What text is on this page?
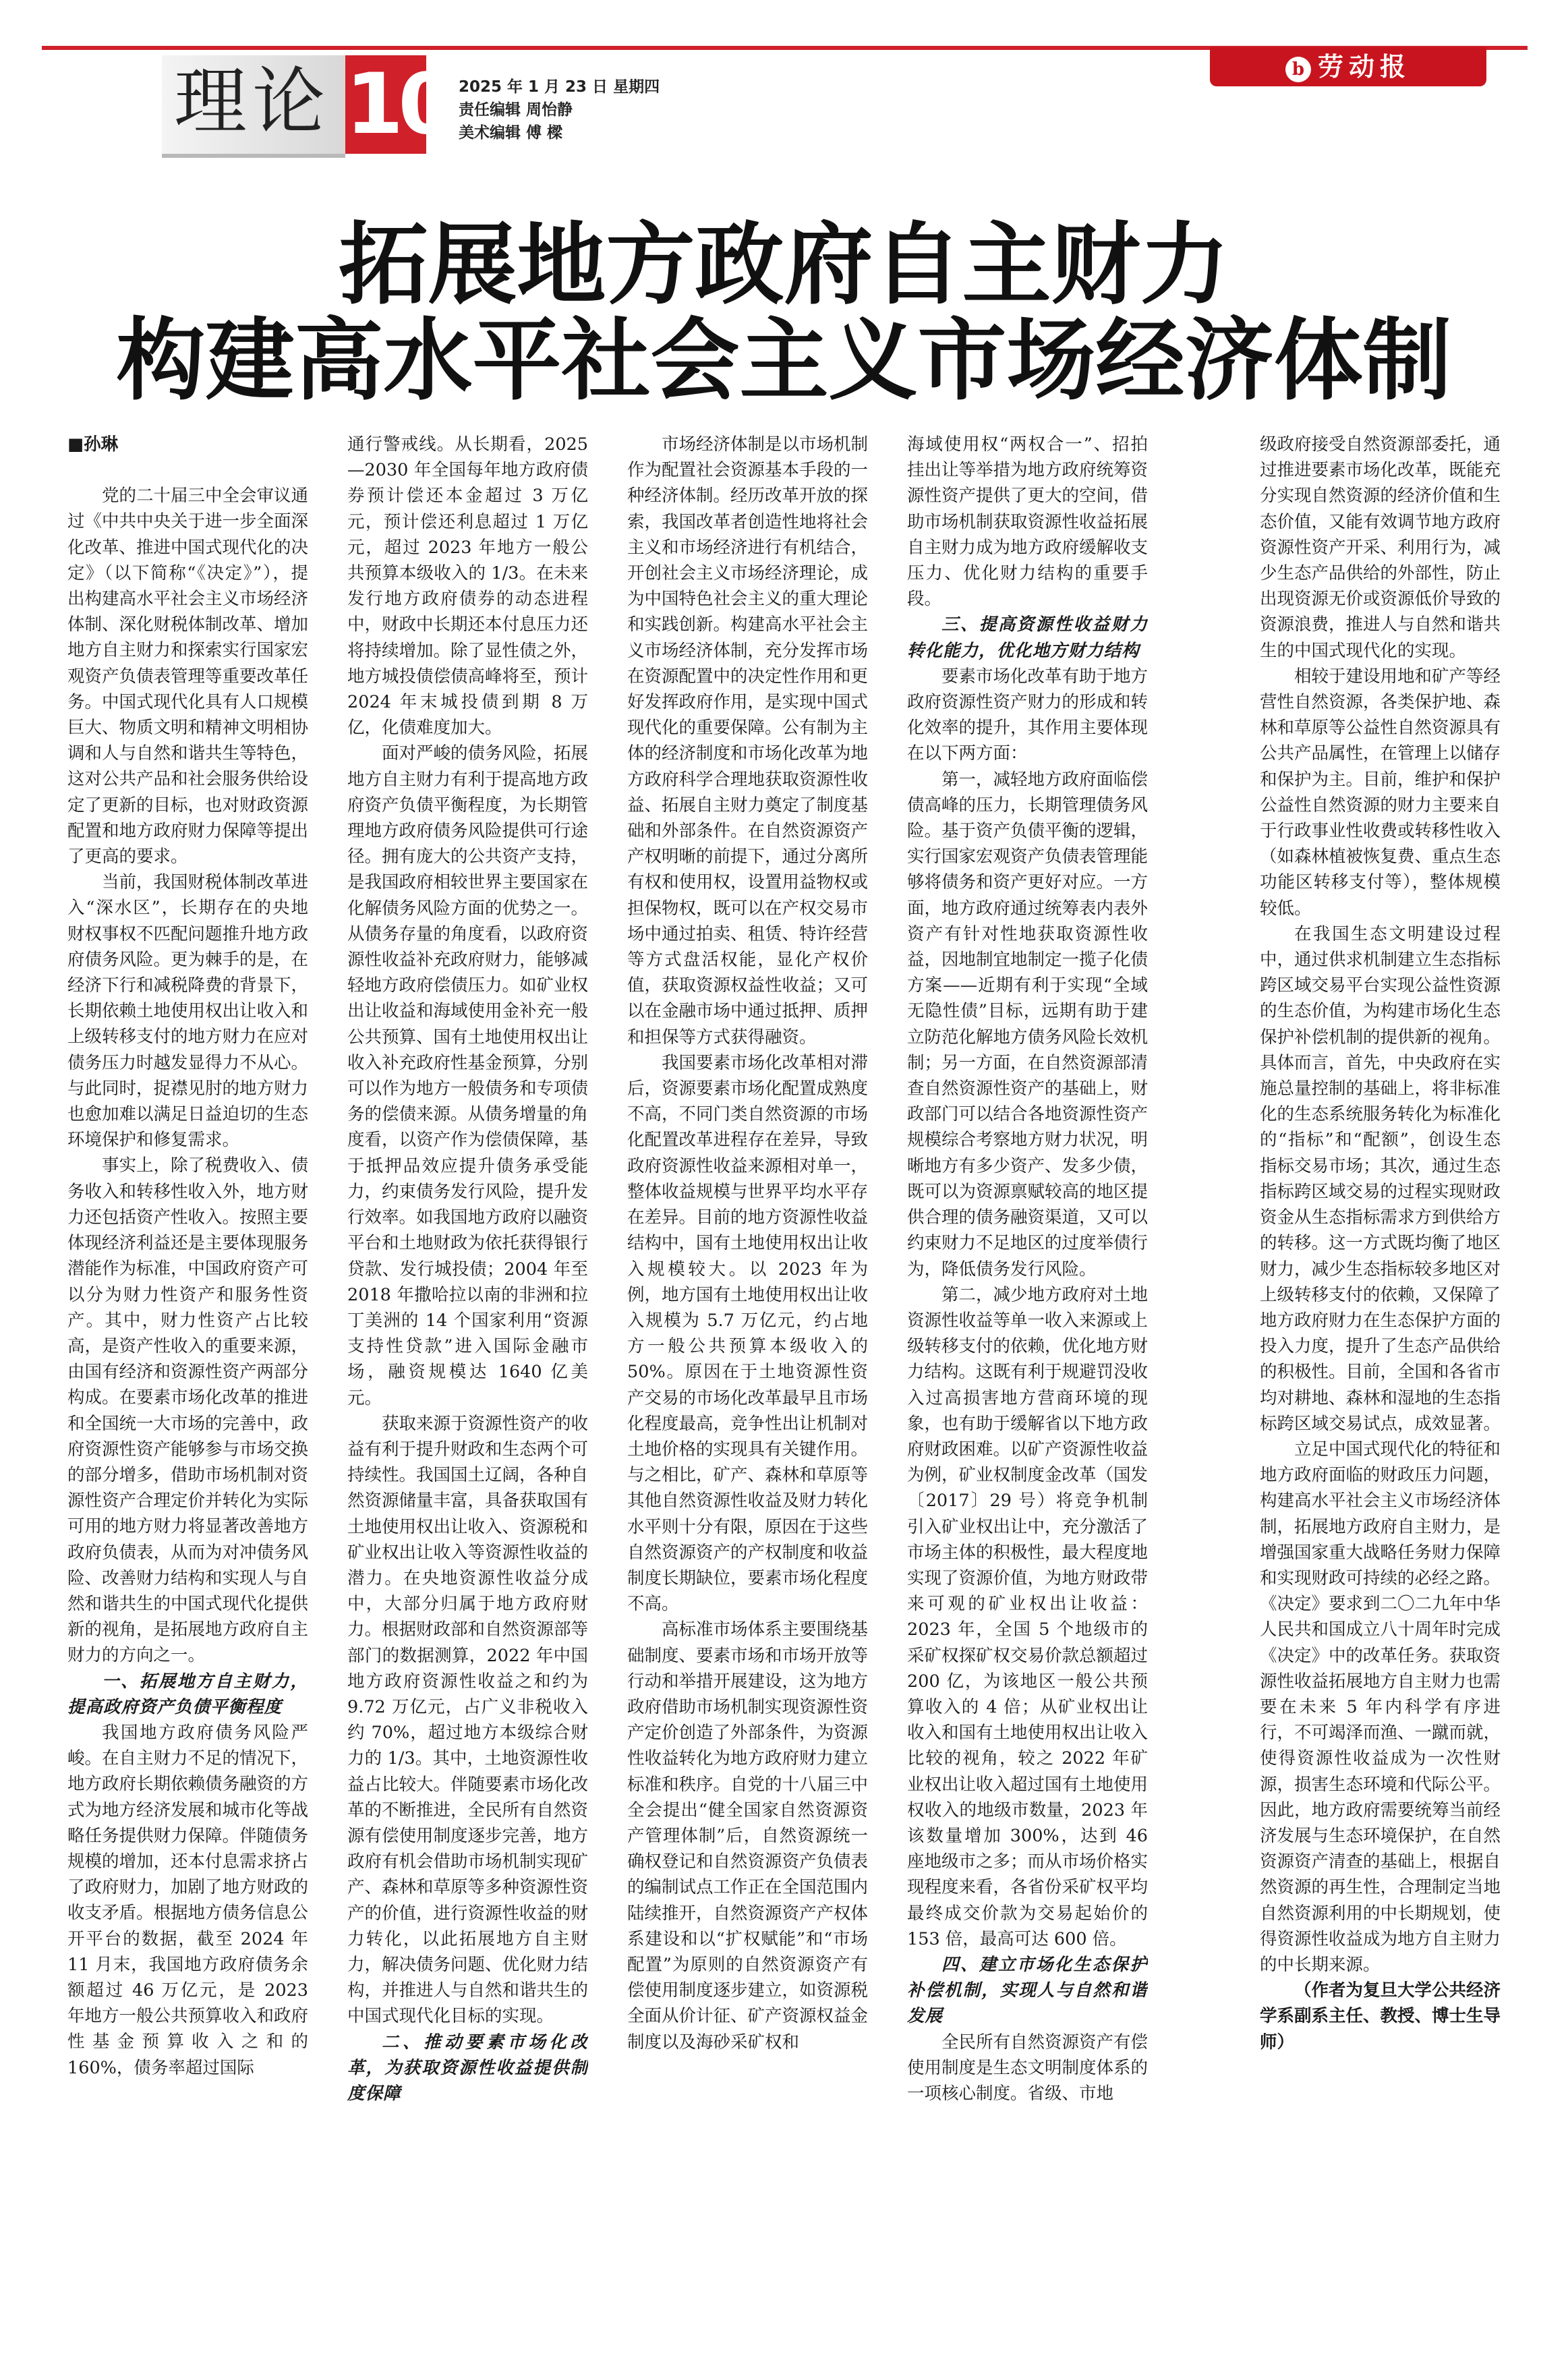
理论 10 2025 年 1 月 23 日 星期四
责任编辑 周怡静
美术编辑 傅 樑
b 劳动报
拓展地方政府自主财力
构建高水平社会主义市场经济体制

■孙琳

党的二十届三中全会审议通过《中共中央关于进一步全面深化改革、推进中国式现代化的决定》（以下简称“《决定》”），提出构建高水平社会主义市场经济体制、深化财税体制改革、增加地方自主财力和探索实行国家宏观资产负债表管理等重要改革任务。中国式现代化具有人口规模巨大、物质文明和精神文明相协调和人与自然和谐共生等特色，这对公共产品和社会服务供给设定了更新的目标，也对财政资源配置和地方政府财力保障等提出了更高的要求。

当前，我国财税体制改革进入“深水区”，长期存在的央地财权事权不匹配问题推升地方政府债务风险。更为棘手的是，在经济下行和减税降费的背景下，长期依赖土地使用权出让收入和上级转移支付的地方财力在应对债务压力时越发显得力不从心。与此同时，捉襟见肘的地方财力也愈加难以满足日益迫切的生态环境保护和修复需求。

事实上，除了税费收入、债务收入和转移性收入外，地方财力还包括资产性收入。按照主要体现经济利益还是主要体现服务潜能作为标准，中国政府资产可以分为财力性资产和服务性资产。其中，财力性资产占比较高，是资产性收入的重要来源，由国有经济和资源性资产两部分构成。在要素市场化改革的推进和全国统一大市场的完善中，政府资源性资产能够参与市场交换的部分增多，借助市场机制对资源性资产合理定价并转化为实际可用的地方财力将显著改善地方政府负债表，从而为对冲债务风险、改善财力结构和实现人与自然和谐共生的中国式现代化提供新的视角，是拓展地方政府自主财力的方向之一。

一、拓展地方自主财力，提高政府资产负债平衡程度

我国地方政府债务风险严峻。在自主财力不足的情况下，地方政府长期依赖债务融资的方式为地方经济发展和城市化等战略任务提供财力保障。伴随债务规模的增加，还本付息需求挤占了政府财力，加剧了地方财政的收支矛盾。根据地方债务信息公开平台的数据，截至 2024 年 11 月末，我国地方政府债务余额超过 46 万亿元，是 2023 年地方一般公共预算收入和政府性基金预算收入之和的 160%，债务率超过国际

通行警戒线。从长期看，2025—2030 年全国每年地方政府债券预计偿还本金超过 3 万亿元，预计偿还利息超过 1 万亿元，超过 2023 年地方一般公共预算本级收入的 1/3。在未来发行地方政府债券的动态进程中，财政中长期还本付息压力还将持续增加。除了显性债之外，地方城投债偿债高峰将至，预计 2024 年末城投债到期 8 万亿，化债难度加大。

面对严峻的债务风险，拓展地方自主财力有利于提高地方政府资产负债平衡程度，为长期管理地方政府债务风险提供可行途径。拥有庞大的公共资产支持，是我国政府相较世界主要国家在化解债务风险方面的优势之一。从债务存量的角度看，以政府资源性收益补充政府财力，能够减轻地方政府偿债压力。如矿业权出让收益和海域使用金补充一般公共预算、国有土地使用权出让收入补充政府性基金预算，分别可以作为地方一般债务和专项债务的偿债来源。从债务增量的角度看，以资产作为偿债保障，基于抵押品效应提升债务承受能力，约束债务发行风险，提升发行效率。如我国地方政府以融资平台和土地财政为依托获得银行贷款、发行城投债；2004 年至 2018 年撒哈拉以南的非洲和拉丁美洲的 14 个国家利用“资源支持性贷款”进入国际金融市场，融资规模达 1640 亿美元。

获取来源于资源性资产的收益有利于提升财政和生态两个可持续性。我国国土辽阔，各种自然资源储量丰富，具备获取国有土地使用权出让收入、资源税和矿业权出让收入等资源性收益的潜力。在央地资源性收益分成中，大部分归属于地方政府财力。根据财政部和自然资源部等部门的数据测算，2022 年中国地方政府资源性收益之和约为 9.72 万亿元，占广义非税收入约 70%，超过地方本级综合财力的 1/3。其中，土地资源性收益占比较大。伴随要素市场化改革的不断推进，全民所有自然资源有偿使用制度逐步完善，地方政府有机会借助市场机制实现矿产、森林和草原等多种资源性资产的价值，进行资源性收益的财力转化，以此拓展地方自主财力，解决债务问题、优化财力结构，并推进人与自然和谐共生的中国式现代化目标的实现。

二、推动要素市场化改革，为获取资源性收益提供制度保障

市场经济体制是以市场机制作为配置社会资源基本手段的一种经济体制。经历改革开放的探索，我国改革者创造性地将社会主义和市场经济进行有机结合，开创社会主义市场经济理论，成为中国特色社会主义的重大理论和实践创新。构建高水平社会主义市场经济体制，充分发挥市场在资源配置中的决定性作用和更好发挥政府作用，是实现中国式现代化的重要保障。公有制为主体的经济制度和市场化改革为地方政府科学合理地获取资源性收益、拓展自主财力奠定了制度基础和外部条件。在自然资源资产产权明晰的前提下，通过分离所有权和使用权，设置用益物权或担保物权，既可以在产权交易市场中通过拍卖、租赁、特许经营等方式盘活权能，显化产权价值，获取资源权益性收益；又可以在金融市场中通过抵押、质押和担保等方式获得融资。

我国要素市场化改革相对滞后，资源要素市场化配置成熟度不高，不同门类自然资源的市场化配置改革进程存在差异，导致政府资源性收益来源相对单一，整体收益规模与世界平均水平存在差异。目前的地方资源性收益结构中，国有土地使用权出让收入规模较大。以 2023 年为例，地方国有土地使用权出让收入规模为 5.7 万亿元，约占地方一般公共预算本级收入的 50%。原因在于土地资源性资产交易的市场化改革最早且市场化程度最高，竞争性出让机制对土地价格的实现具有关键作用。与之相比，矿产、森林和草原等其他自然资源性收益及财力转化水平则十分有限，原因在于这些自然资源资产的产权制度和收益制度长期缺位，要素市场化程度不高。

高标准市场体系主要围绕基础制度、要素市场和市场开放等行动和举措开展建设，这为地方政府借助市场机制实现资源性资产定价创造了外部条件，为资源性收益转化为地方政府财力建立标准和秩序。自党的十八届三中全会提出“健全国家自然资源资产管理体制”后，自然资源统一确权登记和自然资源资产负债表的编制试点工作正在全国范围内陆续推开，自然资源资产产权体系建设和以“扩权赋能”和“市场配置”为原则的自然资源资产有偿使用制度逐步建立，如资源税全面从价计征、矿产资源权益金制度以及海砂采矿权和

海域使用权“两权合一”、招拍挂出让等举措为地方政府统筹资源性资产提供了更大的空间，借助市场机制获取资源性收益拓展自主财力成为地方政府缓解收支压力、优化财力结构的重要手段。

三、提高资源性收益财力转化能力，优化地方财力结构

要素市场化改革有助于地方政府资源性资产财力的形成和转化效率的提升，其作用主要体现在以下两方面：

第一，减轻地方政府面临偿债高峰的压力，长期管理债务风险。基于资产负债平衡的逻辑，实行国家宏观资产负债表管理能够将债务和资产更好对应。一方面，地方政府通过统筹表内表外资产有针对性地获取资源性收益，因地制宜地制定一揽子化债方案——近期有利于实现“全域无隐性债”目标，远期有助于建立防范化解地方债务风险长效机制；另一方面，在自然资源部清查自然资源性资产的基础上，财政部门可以结合各地资源性资产规模综合考察地方财力状况，明晰地方有多少资产、发多少债，既可以为资源禀赋较高的地区提供合理的债务融资渠道，又可以约束财力不足地区的过度举债行为，降低债务发行风险。

第二，减少地方政府对土地资源性收益等单一收入来源或上级转移支付的依赖，优化地方财力结构。这既有利于规避罚没收入过高损害地方营商环境的现象，也有助于缓解省以下地方政府财政困难。以矿产资源性收益为例，矿业权制度金改革（国发〔2017〕29 号）将竞争机制引入矿业权出让中，充分激活了市场主体的积极性，最大程度地实现了资源价值，为地方财政带来可观的矿业权出让收益：2023 年，全国 5 个地级市的采矿权探矿权交易价款总额超过 200 亿，为该地区一般公共预算收入的 4 倍；从矿业权出让收入和国有土地使用权出让收入比较的视角，较之 2022 年矿业权出让收入超过国有土地使用权收入的地级市数量，2023 年该数量增加 300%，达到 46 座地级市之多；而从市场价格实现程度来看，各省份采矿权平均最终成交价款为交易起始价的 153 倍，最高可达 600 倍。

四、建立市场化生态保护补偿机制，实现人与自然和谐发展

全民所有自然资源资产有偿使用制度是生态文明制度体系的一项核心制度。省级、市地

级政府接受自然资源部委托，通过推进要素市场化改革，既能充分实现自然资源的经济价值和生态价值，又能有效调节地方政府资源性资产开采、利用行为，减少生态产品供给的外部性，防止出现资源无价或资源低价导致的资源浪费，推进人与自然和谐共生的中国式现代化的实现。

相较于建设用地和矿产等经营性自然资源，各类保护地、森林和草原等公益性自然资源具有公共产品属性，在管理上以储存和保护为主。目前，维护和保护公益性自然资源的财力主要来自于行政事业性收费或转移性收入（如森林植被恢复费、重点生态功能区转移支付等），整体规模较低。

在我国生态文明建设过程中，通过供求机制建立生态指标跨区域交易平台实现公益性资源的生态价值，为构建市场化生态保护补偿机制的提供新的视角。具体而言，首先，中央政府在实施总量控制的基础上，将非标准化的生态系统服务转化为标准化的“指标”和“配额”，创设生态指标交易市场；其次，通过生态指标跨区域交易的过程实现财政资金从生态指标需求方到供给方的转移。这一方式既均衡了地区财力，减少生态指标较多地区对上级转移支付的依赖，又保障了地方政府财力在生态保护方面的投入力度，提升了生态产品供给的积极性。目前，全国和各省市均对耕地、森林和湿地的生态指标跨区域交易试点，成效显著。

立足中国式现代化的特征和地方政府面临的财政压力问题，构建高水平社会主义市场经济体制，拓展地方政府自主财力，是增强国家重大战略任务财力保障和实现财政可持续的必经之路。《决定》要求到二〇二九年中华人民共和国成立八十周年时完成《决定》中的改革任务。获取资源性收益拓展地方自主财力也需要在未来 5 年内科学有序进行，不可竭泽而渔、一蹴而就，使得资源性收益成为一次性财源，损害生态环境和代际公平。因此，地方政府需要统筹当前经济发展与生态环境保护，在自然资源资产清查的基础上，根据自然资源的再生性，合理制定当地自然资源利用的中长期规划，使得资源性收益成为地方自主财力的中长期来源。

（作者为复旦大学公共经济学系副系主任、教授、博士生导师）
